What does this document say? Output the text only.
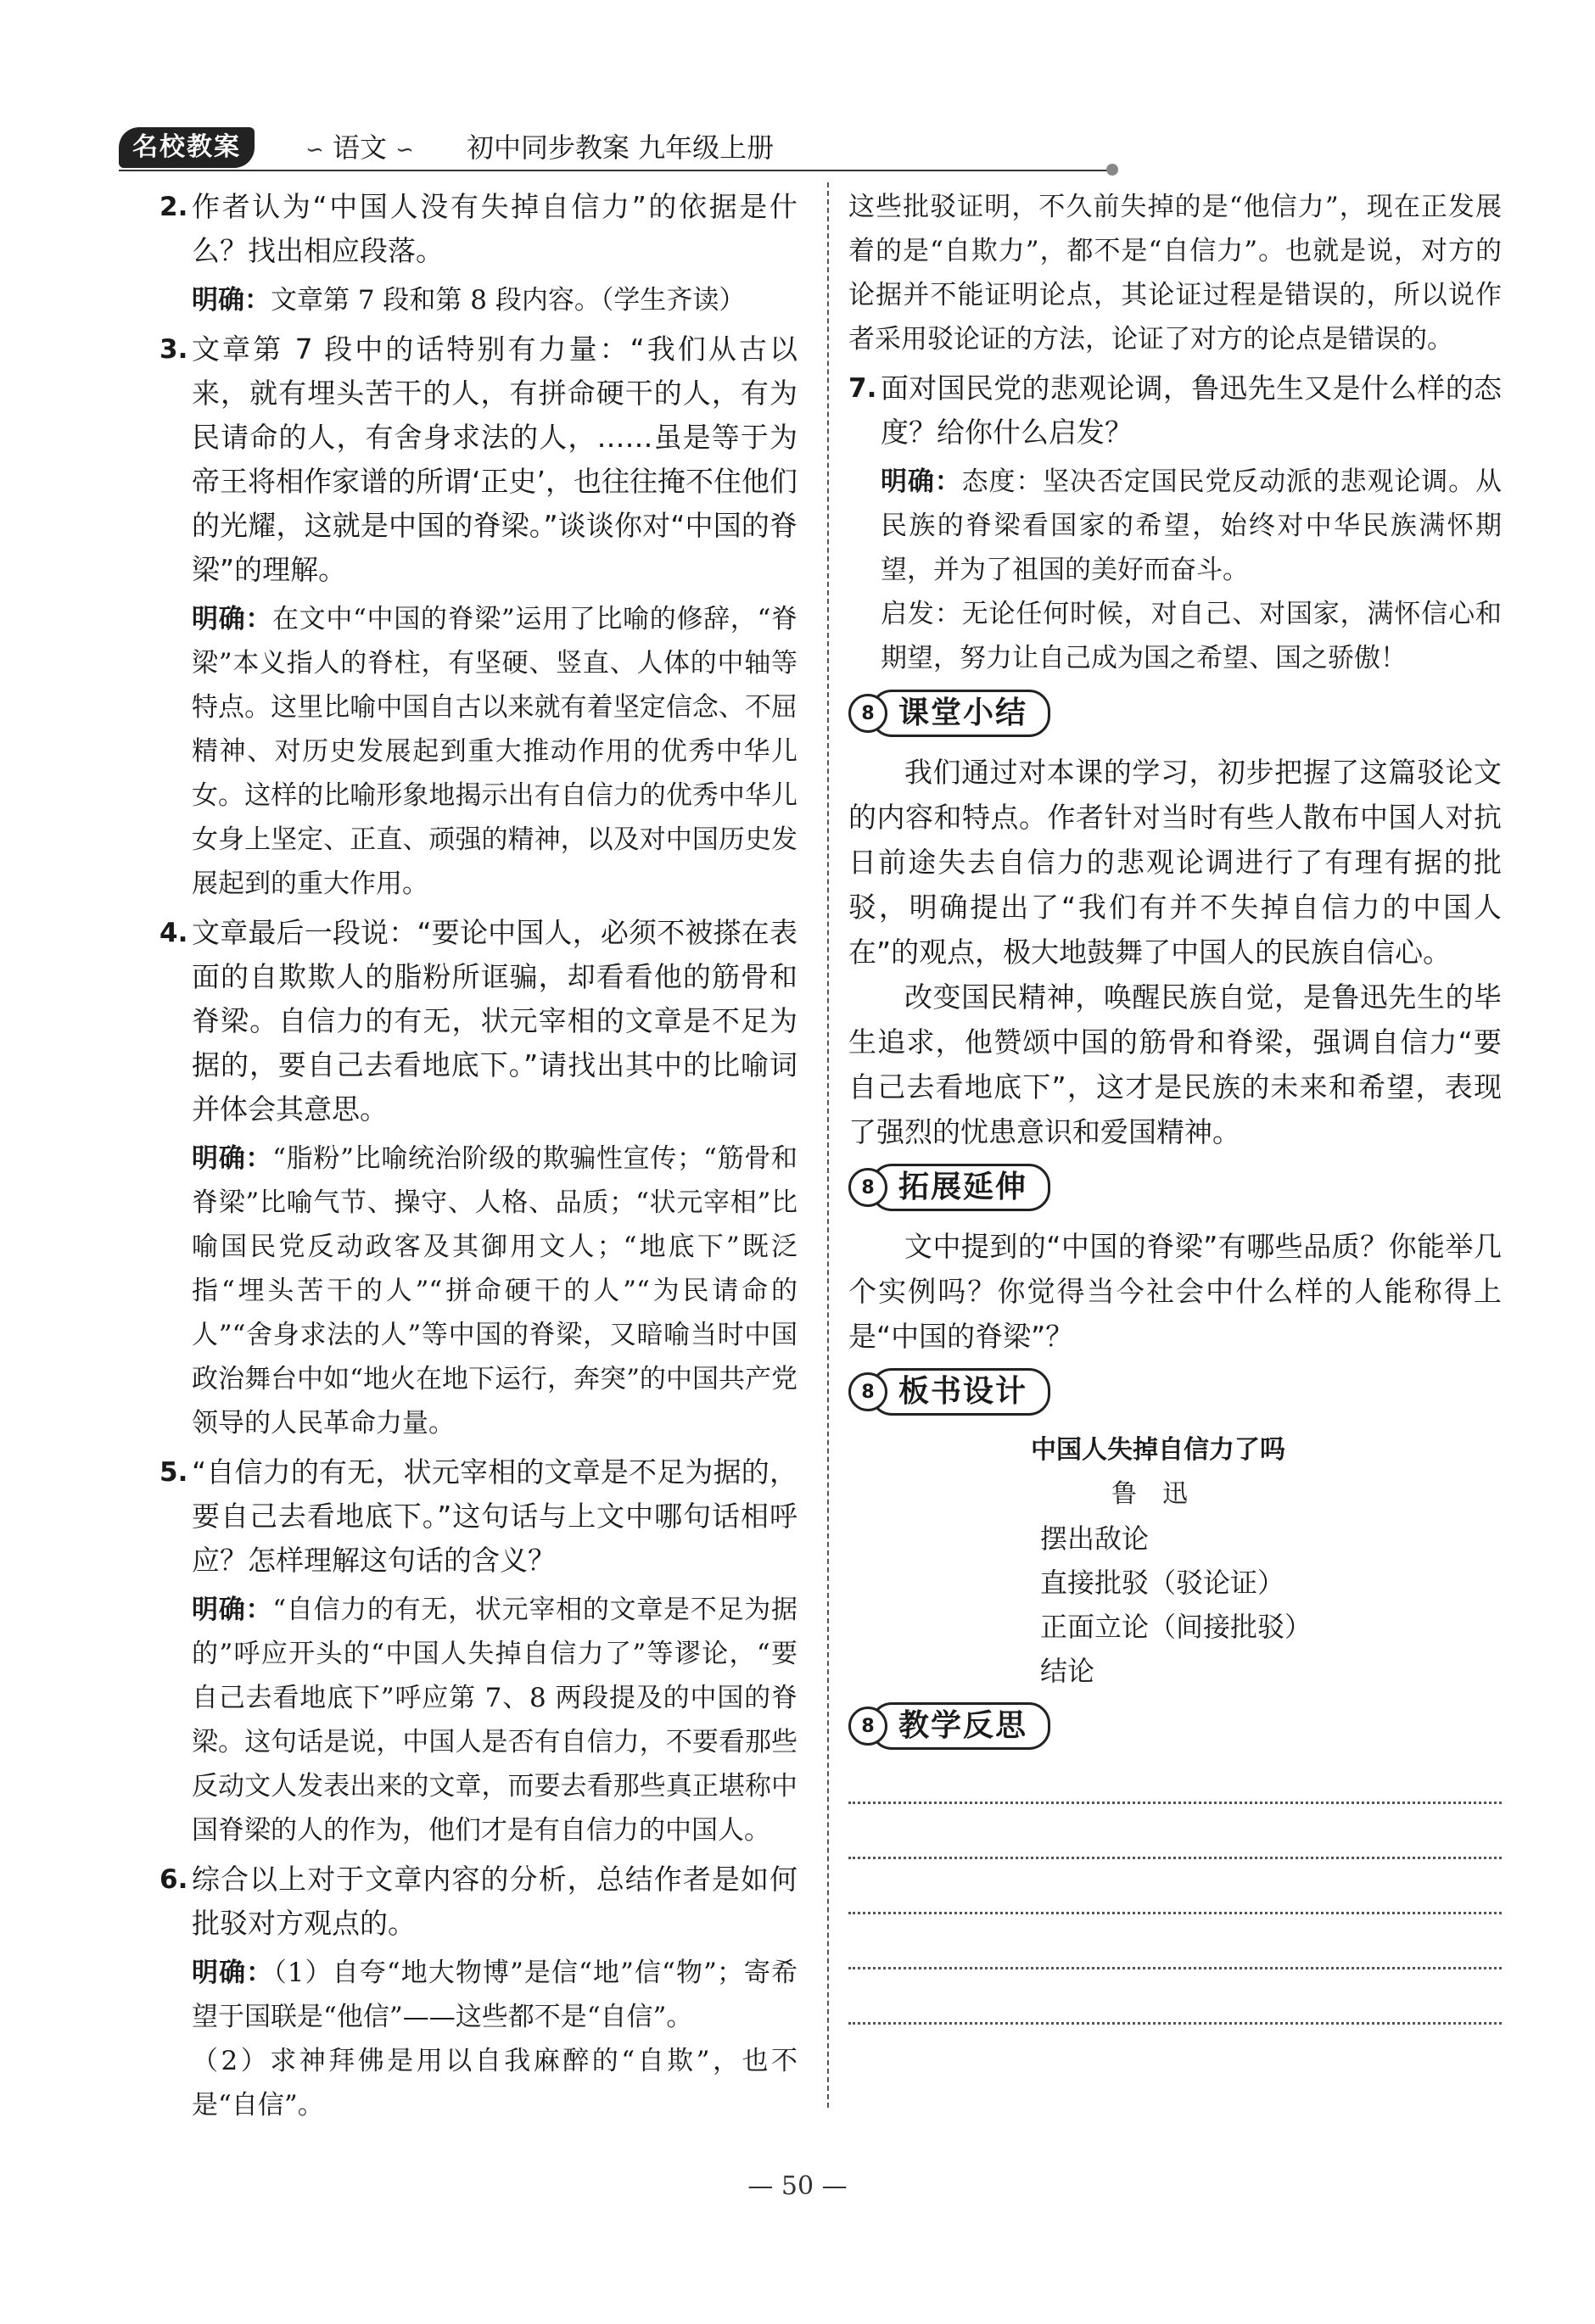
名校教案	∽ 语文 ∽ 初中同步教案 九年级上册
2. 作者认为“中国人没有失掉自信力”的依据是什么？找出相应段落。
明确：文章第 7 段和第 8 段内容。（学生齐读）
3. 文章第 7 段中的话特别有力量：“我们从古以来，就有埋头苦干的人，有拼命硬干的人，有为民请命的人，有舍身求法的人，……虽是等于为帝王将相作家谱的所谓‘正史’，也往往掩不住他们的光耀，这就是中国的脊梁。”谈谈你对“中国的脊梁”的理解。
明确：在文中“中国的脊梁”运用了比喻的修辞，“脊梁”本义指人的脊柱，有坚硬、竖直、人体的中轴等特点。这里比喻中国自古以来就有着坚定信念、不屈精神、对历史发展起到重大推动作用的优秀中华儿女。这样的比喻形象地揭示出有自信力的优秀中华儿女身上坚定、正直、顽强的精神，以及对中国历史发展起到的重大作用。
4. 文章最后一段说：“要论中国人，必须不被搽在表面的自欺欺人的脂粉所诓骗，却看看他的筋骨和脊梁。自信力的有无，状元宰相的文章是不足为据的，要自己去看地底下。”请找出其中的比喻词并体会其意思。
明确：“脂粉”比喻统治阶级的欺骗性宣传；“筋骨和脊梁”比喻气节、操守、人格、品质；“状元宰相”比喻国民党反动政客及其御用文人；“地底下”既泛指“埋头苦干的人”“拼命硬干的人”“为民请命的人”“舍身求法的人”等中国的脊梁，又暗喻当时中国政治舞台中如“地火在地下运行，奔突”的中国共产党领导的人民革命力量。
5. “自信力的有无，状元宰相的文章是不足为据的，要自己去看地底下。”这句话与上文中哪句话相呼应？怎样理解这句话的含义？
明确：“自信力的有无，状元宰相的文章是不足为据的”呼应开头的“中国人失掉自信力了”等谬论，“要自己去看地底下”呼应第 7、8 两段提及的中国的脊梁。这句话是说，中国人是否有自信力，不要看那些反动文人发表出来的文章，而要去看那些真正堪称中国脊梁的人的作为，他们才是有自信力的中国人。
6. 综合以上对于文章内容的分析，总结作者是如何批驳对方观点的。
明确：（1）自夸“地大物博”是信“地”信“物”；寄希望于国联是“他信”——这些都不是“自信”。
（2）求神拜佛是用以自我麻醉的“自欺”，也不是“自信”。
这些批驳证明，不久前失掉的是“他信力”，现在正发展着的是“自欺力”，都不是“自信力”。也就是说，对方的论据并不能证明论点，其论证过程是错误的，所以说作者采用驳论证的方法，论证了对方的论点是错误的。
7. 面对国民党的悲观论调，鲁迅先生又是什么样的态度？给你什么启发？
明确：态度：坚决否定国民党反动派的悲观论调。从民族的脊梁看国家的希望，始终对中华民族满怀期望，并为了祖国的美好而奋斗。
启发：无论任何时候，对自己、对国家，满怀信心和期望，努力让自己成为国之希望、国之骄傲！
8 课堂小结
我们通过对本课的学习，初步把握了这篇驳论文的内容和特点。作者针对当时有些人散布中国人对抗日前途失去自信力的悲观论调进行了有理有据的批驳，明确提出了“我们有并不失掉自信力的中国人在”的观点，极大地鼓舞了中国人的民族自信心。
改变国民精神，唤醒民族自觉，是鲁迅先生的毕生追求，他赞颂中国的筋骨和脊梁，强调自信力“要自己去看地底下”，这才是民族的未来和希望，表现了强烈的忧患意识和爱国精神。
8 拓展延伸
文中提到的“中国的脊梁”有哪些品质？你能举几个实例吗？你觉得当今社会中什么样的人能称得上是“中国的脊梁”？
8 板书设计
中国人失掉自信力了吗
鲁迅
摆出敌论
直接批驳（驳论证）
正面立论（间接批驳）
结论
8 教学反思
— 50 —
